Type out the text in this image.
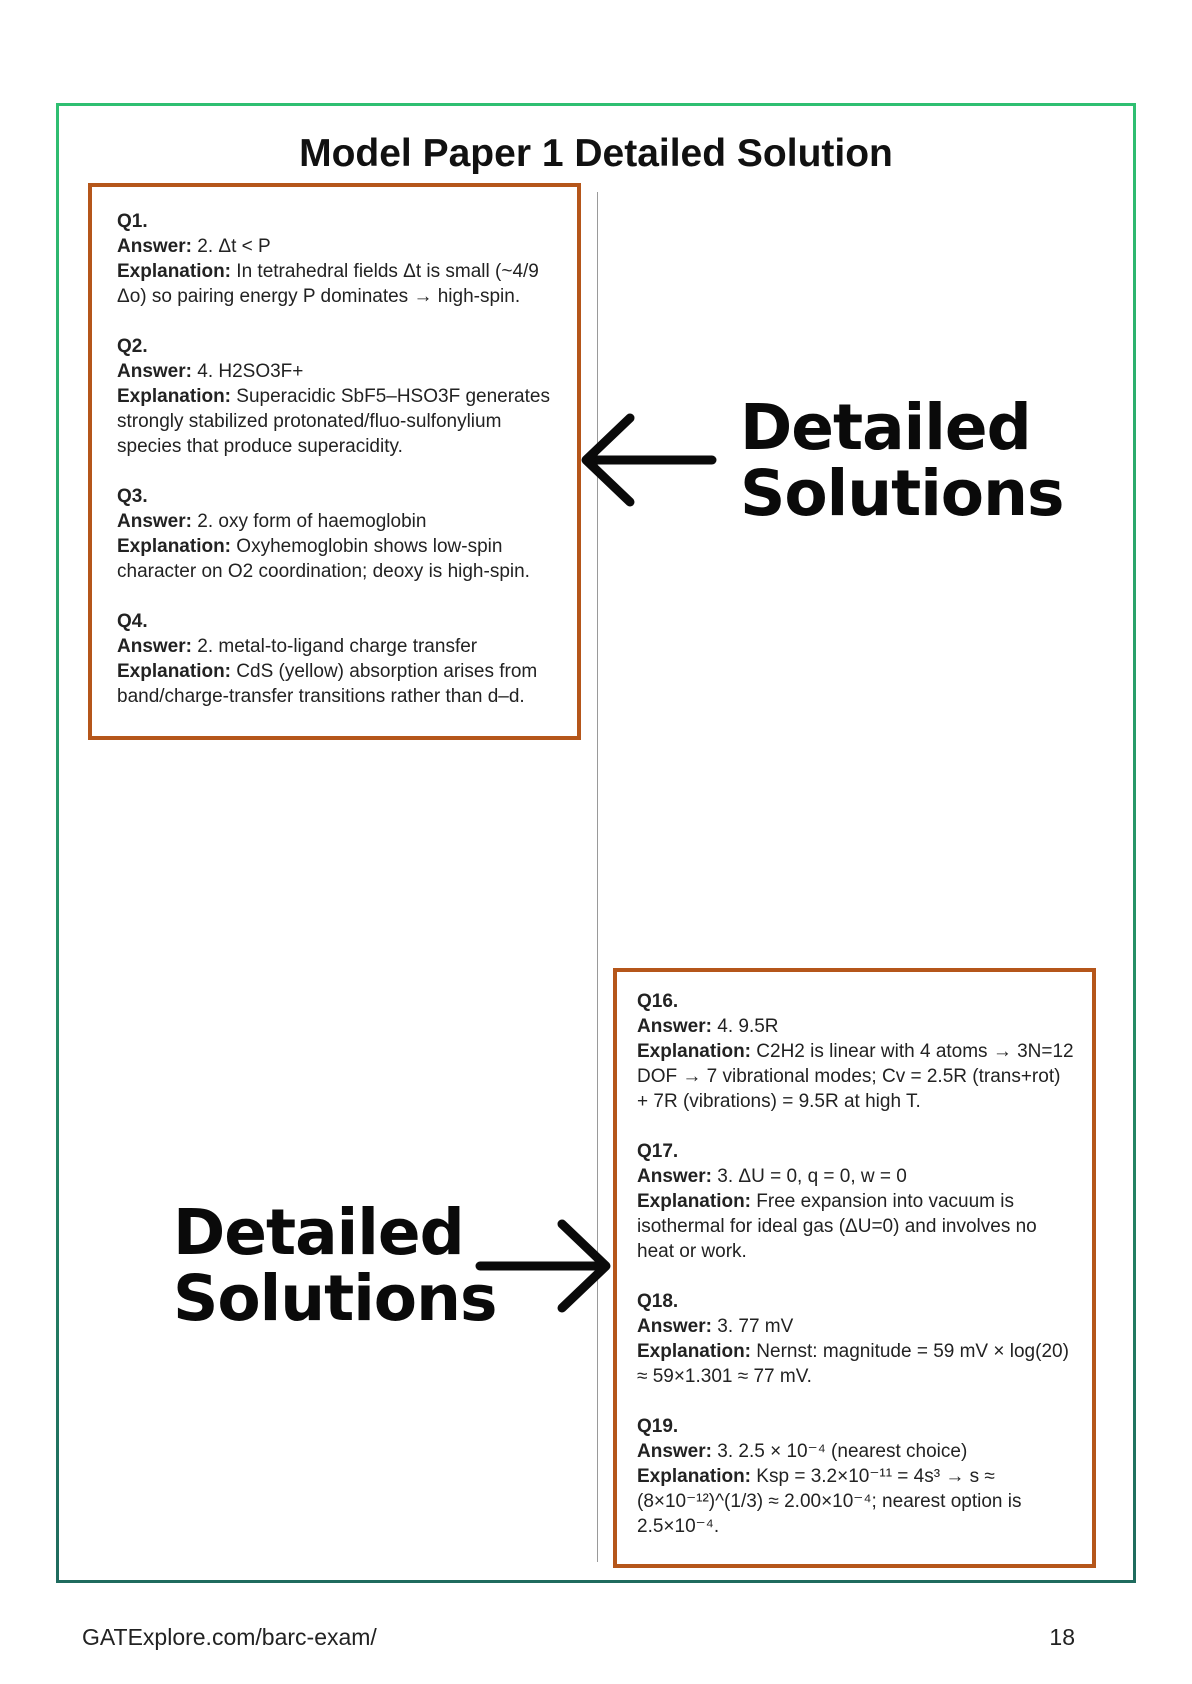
Model Paper 1 Detailed Solution
Q1.
Answer: 2. Δt < P
Explanation: In tetrahedral fields Δt is small (~4/9 Δo) so pairing energy P dominates → high-spin.
Q2.
Answer: 4. H2SO3F+
Explanation: Superacidic SbF5–HSO3F generates strongly stabilized protonated/fluo-sulfonylium species that produce superacidity.
Q3.
Answer: 2. oxy form of haemoglobin
Explanation: Oxyhemoglobin shows low-spin character on O2 coordination; deoxy is high-spin.
Q4.
Answer: 2. metal-to-ligand charge transfer
Explanation: CdS (yellow) absorption arises from band/charge-transfer transitions rather than d–d.
Q16.
Answer: 4. 9.5R
Explanation: C2H2 is linear with 4 atoms → 3N=12 DOF → 7 vibrational modes; Cv = 2.5R (trans+rot) + 7R (vibrations) = 9.5R at high T.
Q17.
Answer: 3. ΔU = 0, q = 0, w = 0
Explanation: Free expansion into vacuum is isothermal for ideal gas (ΔU=0) and involves no heat or work.
Q18.
Answer: 3. 77 mV
Explanation: Nernst: magnitude = 59 mV × log(20) ≈ 59×1.301 ≈ 77 mV.
Q19.
Answer: 3. 2.5 × 10⁻⁴ (nearest choice)
Explanation: Ksp = 3.2×10⁻¹¹ = 4s³ → s ≈ (8×10⁻¹²)^(1/3) ≈ 2.00×10⁻⁴; nearest option is 2.5×10⁻⁴.
Detailed
Solutions
Detailed
Solutions
GATExplore.com/barc-exam/	18
